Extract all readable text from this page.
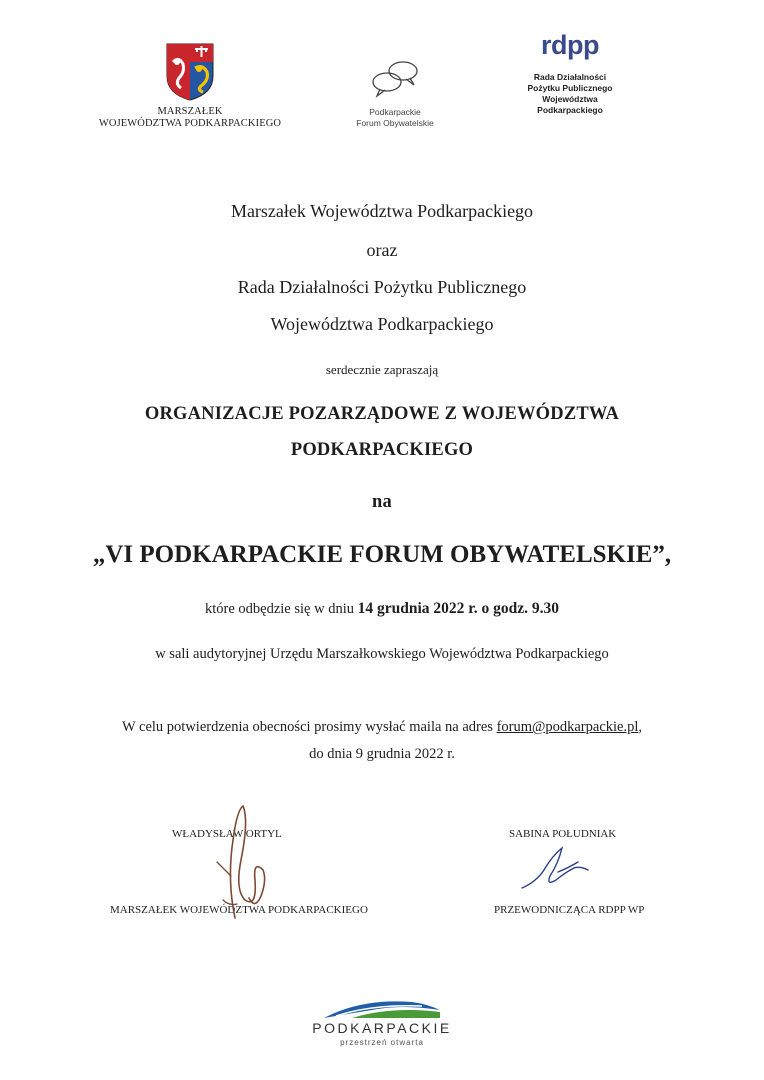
MARSZAŁEK
WOJEWÓDZTWA PODKARPACKIEGO
Podkarpackie
Forum Obywatelskie
rdpp
Rada Działalności
Pożytku Publicznego
Województwa
Podkarpackiego
Marszałek Województwa Podkarpackiego
oraz
Rada Działalności Pożytku Publicznego
Województwa Podkarpackiego
serdecznie zapraszają
ORGANIZACJE POZARZĄDOWE Z WOJEWÓDZTWA
PODKARPACKIEGO
na
„VI PODKARPACKIE FORUM OBYWATELSKIE”,
które odbędzie się w dniu 14 grudnia 2022 r. o godz. 9.30
w sali audytoryjnej Urzędu Marszałkowskiego Województwa Podkarpackiego
W celu potwierdzenia obecności prosimy wysłać maila na adres forum@podkarpackie.pl,
do dnia 9 grudnia 2022 r.
WŁADYSŁAW ORTYL
MARSZAŁEK WOJEWÓDZTWA PODKARPACKIEGO
SABINA POŁUDNIAK
PRZEWODNICZĄCA RDPP WP
PODKARPACKIE
przestrzeń otwarta
